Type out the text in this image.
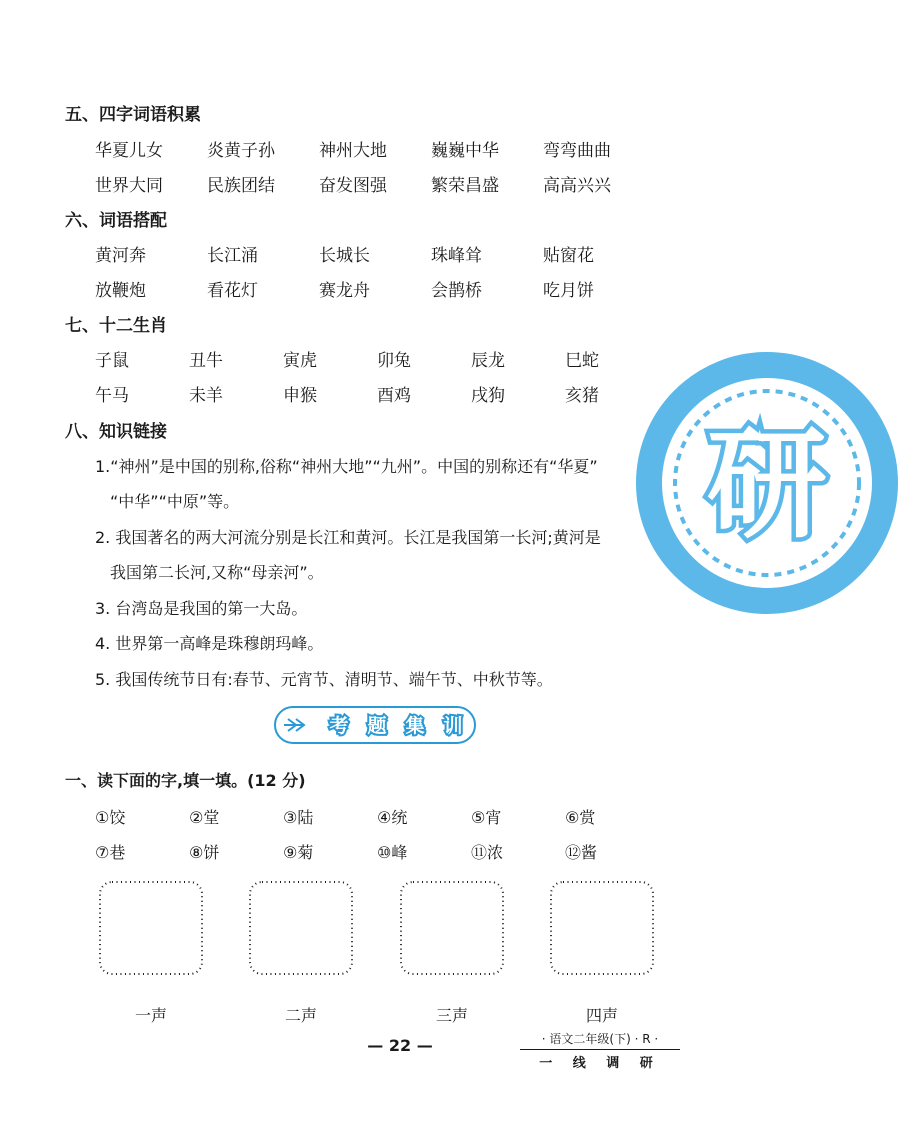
五、四字词语积累
华夏儿女	炎黄子孙	神州大地	巍巍中华	弯弯曲曲
世界大同	民族团结	奋发图强	繁荣昌盛	高高兴兴
六、词语搭配
黄河奔	长江涌	长城长	珠峰耸	贴窗花
放鞭炮	看花灯	赛龙舟	会鹊桥	吃月饼
七、十二生肖
子鼠	丑牛	寅虎	卯兔	辰龙	巳蛇
午马	未羊	申猴	酉鸡	戌狗	亥猪
研
八、知识链接
1.“神州”是中国的别称,俗称“神州大地”“九州”。中国的别称还有“华夏”
“中华”“中原”等。
2. 我国著名的两大河流分别是长江和黄河。长江是我国第一长河;黄河是
我国第二长河,又称“母亲河”。
3. 台湾岛是我国的第一大岛。
4. 世界第一高峰是珠穆朗玛峰。
5. 我国传统节日有:春节、元宵节、清明节、端午节、中秋节等。
考 题 集 训
一、读下面的字,填一填。(12 分)
①饺	②堂	③陆	④统	⑤宵	⑥赏
⑦巷	⑧饼	⑨菊	⑩峰	⑪浓	⑫酱
一声	二声	三声	四声
— 22 —	· 语文二年级(下) · R ·
一 线 调 研
